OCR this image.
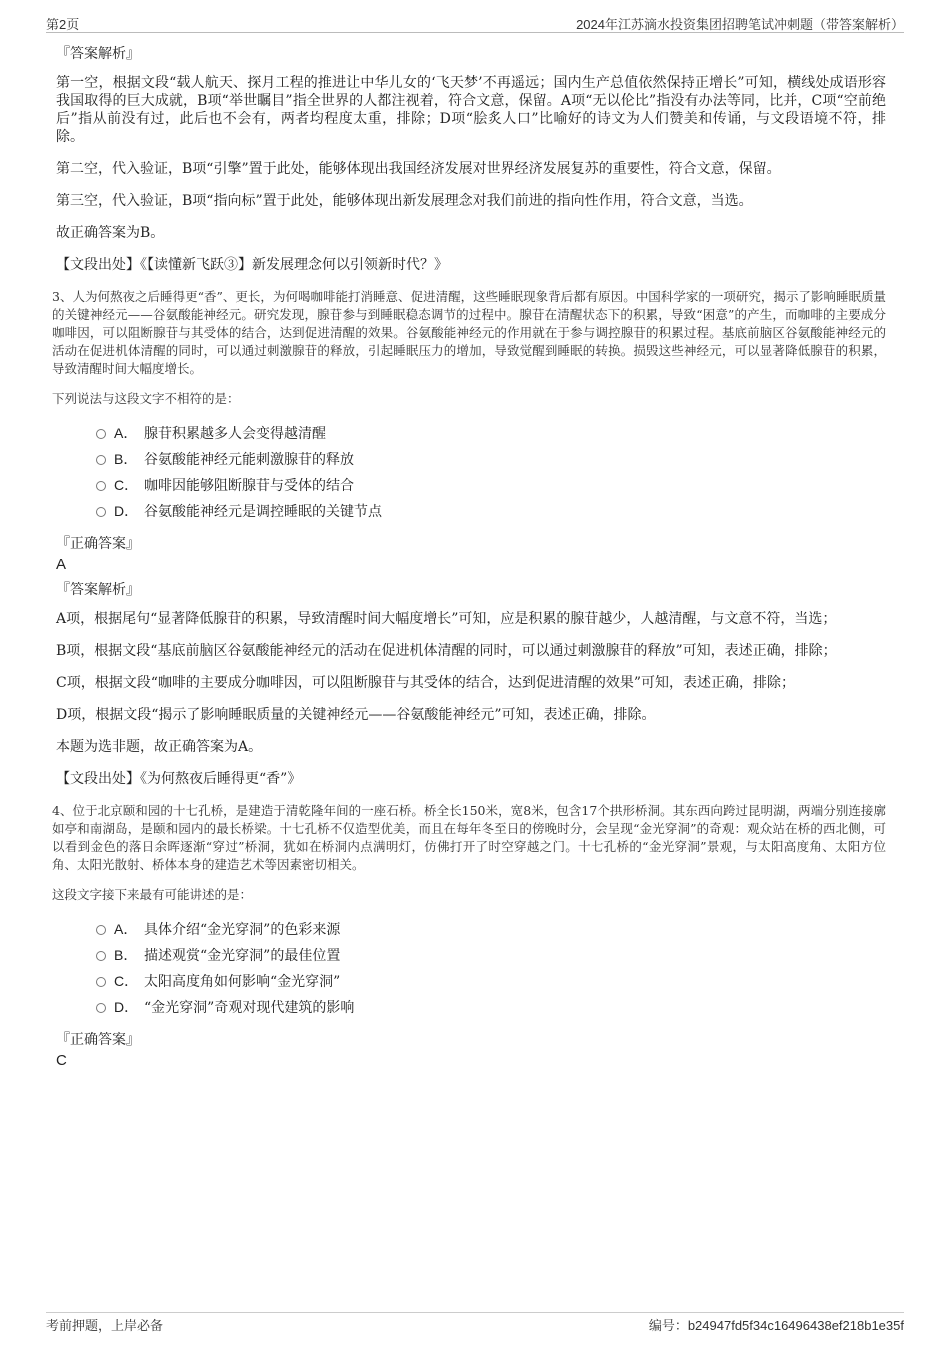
第2页	2024年江苏滴水投资集团招聘笔试冲刺题（带答案解析）
『答案解析』

第一空，根据文段“载人航天、探月工程的推进让中华儿女的‘飞天梦’不再遥远；国内生产总值依然保持正增长”可知，横线处成语形容我国取得的巨大成就，B项“举世瞩目”指全世界的人都注视着，符合文意，保留。A项“无以伦比”指没有办法等同，比并，C项“空前绝后”指从前没有过，此后也不会有，两者均程度太重，排除；D项“脍炙人口”比喻好的诗文为人们赞美和传诵，与文段语境不符，排除。

第二空，代入验证，B项“引擎”置于此处，能够体现出我国经济发展对世界经济发展复苏的重要性，符合文意，保留。

第三空，代入验证，B项“指向标”置于此处，能够体现出新发展理念对我们前进的指向性作用，符合文意，当选。

故正确答案为B。

【文段出处】《【读懂新飞跃③】新发展理念何以引领新时代？》

3、人为何熬夜之后睡得更“香”、更长，为何喝咖啡能打消睡意、促进清醒，这些睡眠现象背后都有原因。中国科学家的一项研究，揭示了影响睡眠质量的关键神经元——谷氨酸能神经元。研究发现，腺苷参与到睡眠稳态调节的过程中。腺苷在清醒状态下的积累，导致“困意”的产生，而咖啡的主要成分咖啡因，可以阻断腺苷与其受体的结合，达到促进清醒的效果。谷氨酸能神经元的作用就在于参与调控腺苷的积累过程。基底前脑区谷氨酸能神经元的活动在促进机体清醒的同时，可以通过刺激腺苷的释放，引起睡眠压力的增加，导致觉醒到睡眠的转换。损毁这些神经元，可以显著降低腺苷的积累，导致清醒时间大幅度增长。

下列说法与这段文字不相符的是：

A． 腺苷积累越多人会变得越清醒
B． 谷氨酸能神经元能刺激腺苷的释放
C． 咖啡因能够阻断腺苷与受体的结合
D． 谷氨酸能神经元是调控睡眠的关键节点
『正确答案』
A
『答案解析』

A项，根据尾句“显著降低腺苷的积累，导致清醒时间大幅度增长”可知，应是积累的腺苷越少，人越清醒，与文意不符，当选；

B项，根据文段“基底前脑区谷氨酸能神经元的活动在促进机体清醒的同时，可以通过刺激腺苷的释放”可知，表述正确，排除；

C项，根据文段“咖啡的主要成分咖啡因，可以阻断腺苷与其受体的结合，达到促进清醒的效果”可知，表述正确，排除；

D项，根据文段“揭示了影响睡眠质量的关键神经元——谷氨酸能神经元”可知，表述正确，排除。

本题为选非题，故正确答案为A。

【文段出处】《为何熬夜后睡得更“香”》

4、位于北京颐和园的十七孔桥，是建造于清乾隆年间的一座石桥。桥全长150米，宽8米，包含17个拱形桥洞。其东西向跨过昆明湖，两端分别连接廓如亭和南湖岛，是颐和园内的最长桥梁。十七孔桥不仅造型优美，而且在每年冬至日的傍晚时分，会呈现“金光穿洞”的奇观：观众站在桥的西北侧，可以看到金色的落日余晖逐渐“穿过”桥洞，犹如在桥洞内点满明灯，仿佛打开了时空穿越之门。十七孔桥的“金光穿洞”景观，与太阳高度角、太阳方位角、太阳光散射、桥体本身的建造艺术等因素密切相关。

这段文字接下来最有可能讲述的是：

A． 具体介绍“金光穿洞”的色彩来源
B． 描述观赏“金光穿洞”的最佳位置
C． 太阳高度角如何影响“金光穿洞”
D． “金光穿洞”奇观对现代建筑的影响
『正确答案』
C
考前押题，上岸必备	编号：b24947fd5f34c16496438ef218b1e35f
